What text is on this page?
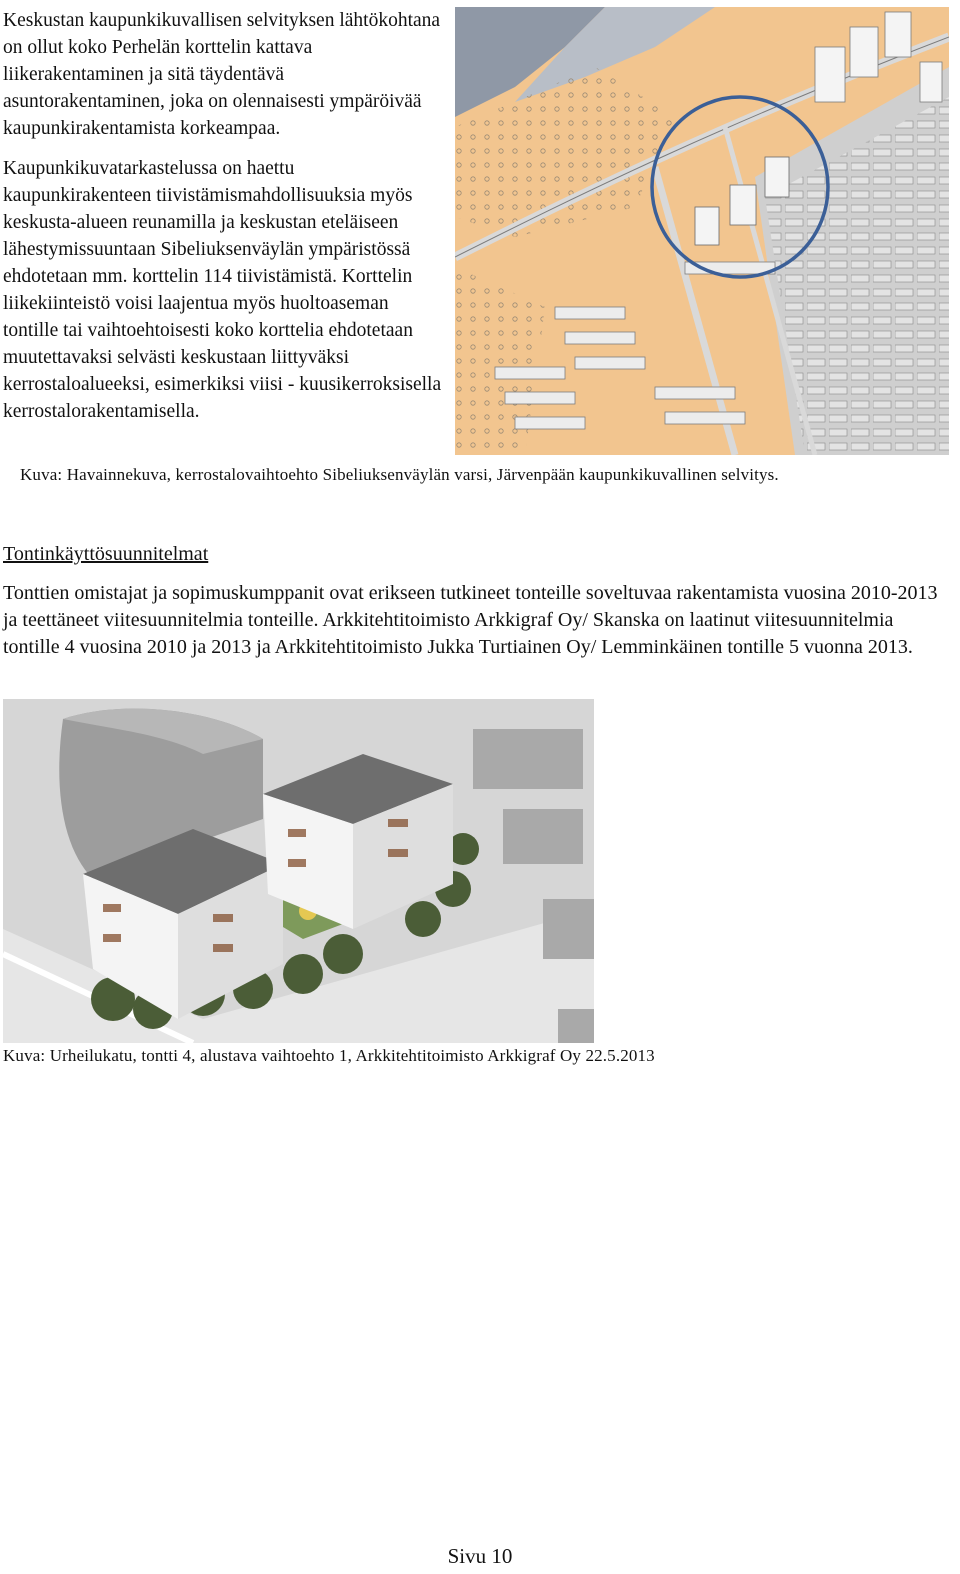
Keskustan kaupunkikuvallisen selvityksen lähtökohtana on ollut koko Perhelän korttelin kattava liikerakentaminen ja sitä täydentävä asuntorakentaminen, joka on olennaisesti ympäröivää kaupunkirakentamista korkeampaa.

Kaupunkikuvatarkastelussa on haettu kaupunkirakenteen tiivistämismahdollisuuksia myös keskusta-alueen reunamilla ja keskustan eteläiseen lähestymissuuntaan Sibeliuksenväylän ympäristössä ehdotetaan mm. korttelin 114 tiivistämistä. Korttelin liikekiinteistö voisi laajentua myös huoltoaseman tontille tai vaihtoehtoisesti koko korttelia ehdotetaan muutettavaksi selvästi keskustaan liittyväksi kerrostaloalueeksi, esimerkiksi viisi - kuusikerroksisella kerrostalorakentamisella.

Kuva: Havainnekuva, kerrostalovaihtoehto Sibeliuksenväylän varsi, Järvenpään kaupunkikuvallinen selvitys.
Tontinkäyttösuunnitelmat

Tonttien omistajat ja sopimuskumppanit ovat erikseen tutkineet tonteille soveltuvaa rakentamista vuosina 2010-2013 ja teettäneet viitesuunnitelmia tonteille. Arkkitehtitoimisto Arkkigraf Oy/ Skanska on laatinut viitesuunnitelmia tontille 4 vuosina 2010 ja 2013 ja Arkkitehtitoimisto Jukka Turtiainen Oy/ Lemminkäinen tontille 5 vuonna 2013.

Kuva: Urheilukatu, tontti 4, alustava vaihtoehto 1, Arkkitehtitoimisto Arkkigraf Oy 22.5.2013
Sivu 10
